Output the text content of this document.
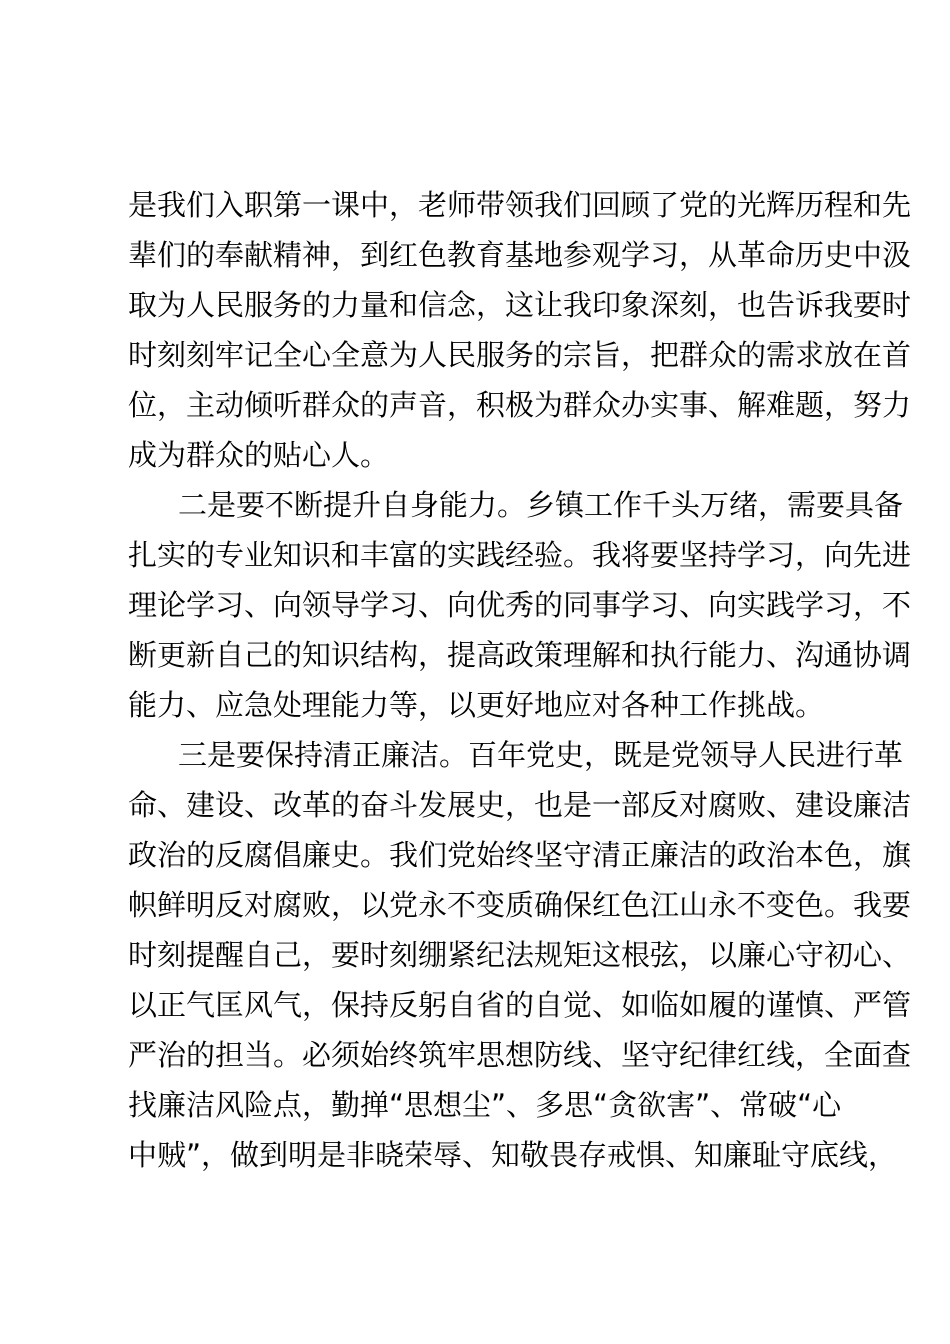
是我们入职第一课中，老师带领我们回顾了党的光辉历程和先
辈们的奉献精神，到红色教育基地参观学习，从革命历史中汲
取为人民服务的力量和信念，这让我印象深刻，也告诉我要时
时刻刻牢记全心全意为人民服务的宗旨，把群众的需求放在首
位，主动倾听群众的声音，积极为群众办实事、解难题，努力
成为群众的贴心人。
二是要不断提升自身能力。乡镇工作千头万绪，需要具备
扎实的专业知识和丰富的实践经验。我将要坚持学习，向先进
理论学习、向领导学习、向优秀的同事学习、向实践学习，不
断更新自己的知识结构，提高政策理解和执行能力、沟通协调
能力、应急处理能力等，以更好地应对各种工作挑战。
三是要保持清正廉洁。百年党史，既是党领导人民进行革
命、建设、改革的奋斗发展史，也是一部反对腐败、建设廉洁
政治的反腐倡廉史。我们党始终坚守清正廉洁的政治本色，旗
帜鲜明反对腐败，以党永不变质确保红色江山永不变色。我要
时刻提醒自己，要时刻绷紧纪法规矩这根弦，以廉心守初心、
以正气匡风气，保持反躬自省的自觉、如临如履的谨慎、严管
严治的担当。必须始终筑牢思想防线、坚守纪律红线，全面查
找廉洁风险点，勤掸“思想尘”、多思“贪欲害”、常破“心
中贼”，做到明是非晓荣辱、知敬畏存戒惧、知廉耻守底线，
